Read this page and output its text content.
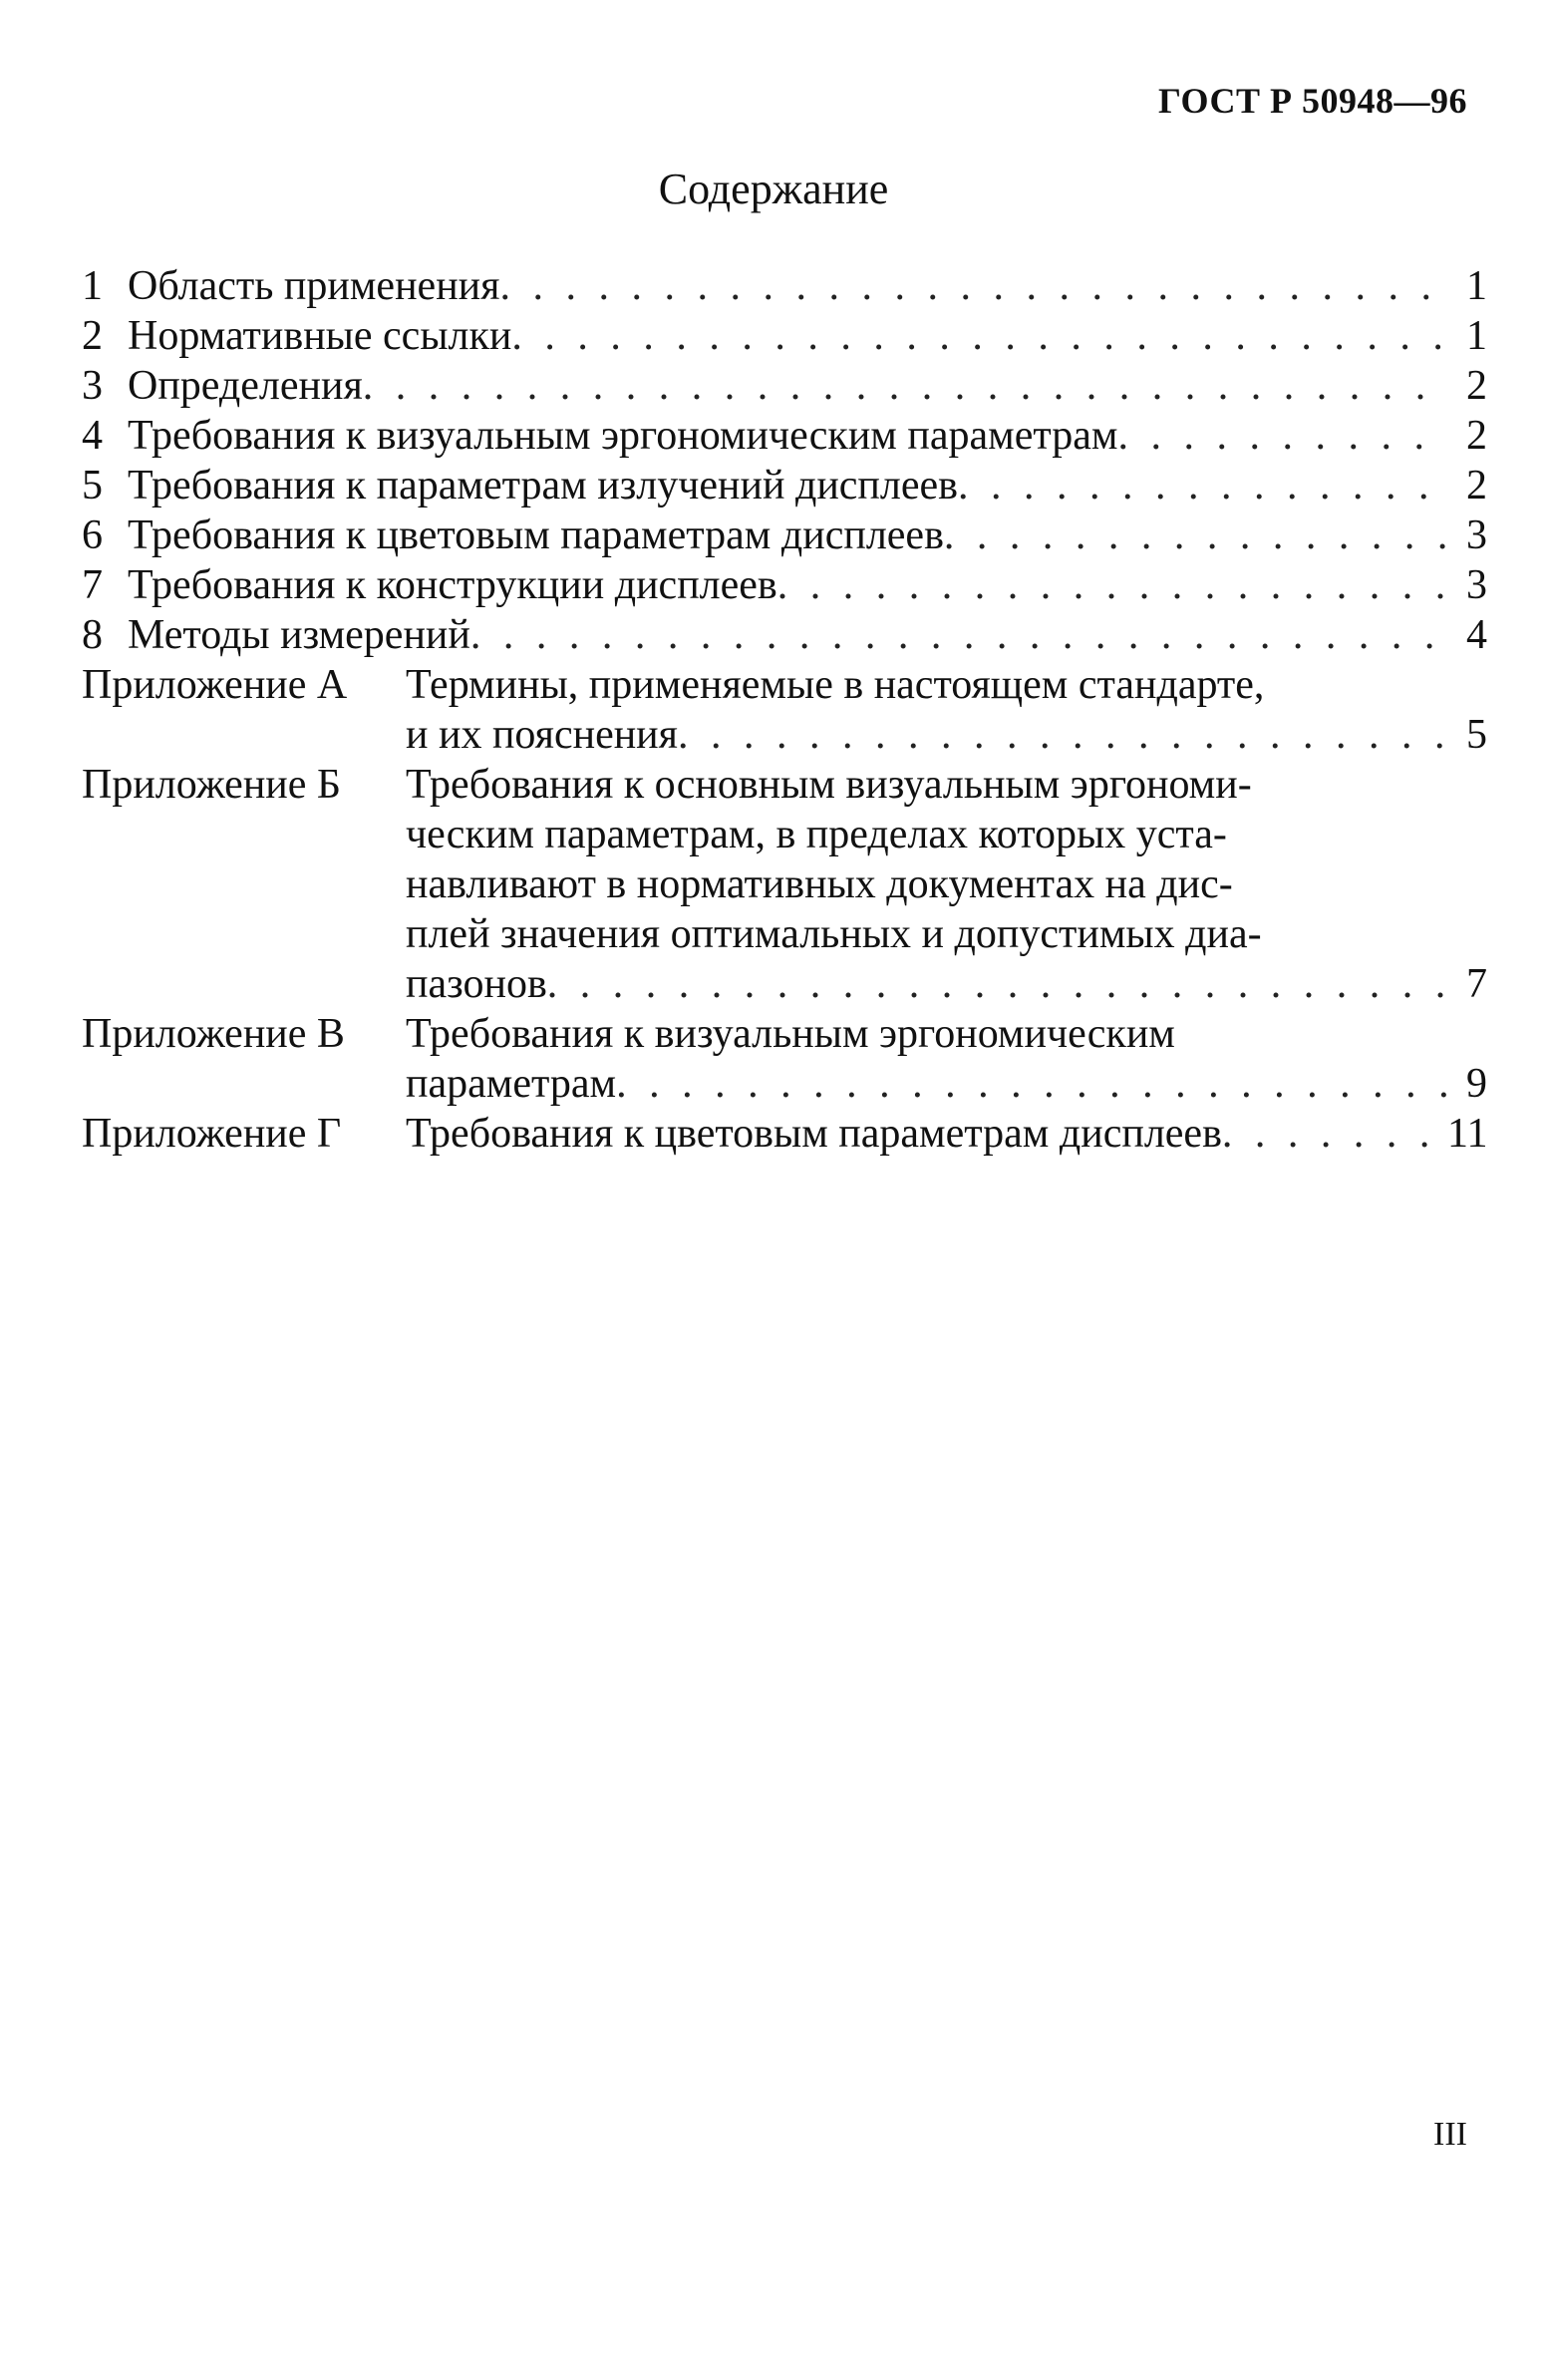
ГОСТ Р 50948—96
Содержание
1 Область применения . . .	1
2 Нормативные ссылки . . .	1
3 Определения . . .	2
4 Требования к визуальным эргономическим параметрам . . .	2
5 Требования к параметрам излучений дисплеев . . .	2
6 Требования к цветовым параметрам дисплеев . . .	3
7 Требования к конструкции дисплеев . . .	3
8 Методы измерений . . .	4
Приложение А	Термины, применяемые в настоящем стандарте,
и их пояснения . . .	5
Приложение Б	Требования к основным визуальным эргономи-
ческим параметрам, в пределах которых уста-
навливают в нормативных документах на дис-
плей значения оптимальных и допустимых диа-
пазонов . . .	7
Приложение В	Требования к визуальным эргономическим
параметрам . . .	9
Приложение Г	Требования к цветовым параметрам дисплеев . . .	11
III
